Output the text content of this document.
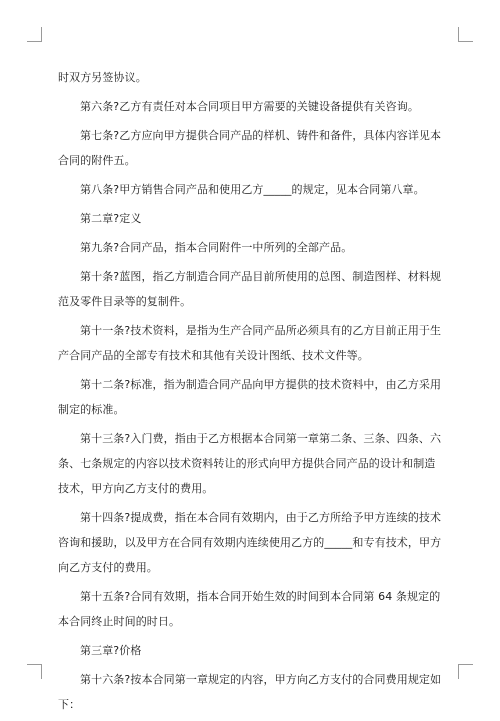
时双方另签协议。

第六条?乙方有责任对本合同项目甲方需要的关键设备提供有关咨询。

第七条?乙方应向甲方提供合同产品的样机、铸件和备件，具体内容详见本合同的附件五。

第八条?甲方销售合同产品和使用乙方_____的规定，见本合同第八章。

第二章?定义

第九条?合同产品，指本合同附件一中所列的全部产品。

第十条?蓝图，指乙方制造合同产品目前所使用的总图、制造图样、材料规范及零件目录等的复制件。

第十一条?技术资料，是指为生产合同产品所必须具有的乙方目前正用于生产合同产品的全部专有技术和其他有关设计图纸、技术文件等。

第十二条?标准，指为制造合同产品向甲方提供的技术资料中，由乙方采用制定的标准。

第十三条?入门费，指由于乙方根据本合同第一章第二条、三条、四条、六条、七条规定的内容以技术资料转让的形式向甲方提供合同产品的设计和制造技术，甲方向乙方支付的费用。

第十四条?提成费，指在本合同有效期内，由于乙方所给予甲方连续的技术咨询和援助，以及甲方在合同有效期内连续使用乙方的_____和专有技术，甲方向乙方支付的费用。

第十五条?合同有效期，指本合同开始生效的时间到本合同第 64 条规定的本合同终止时间的时日。

第三章?价格

第十六条?按本合同第一章规定的内容，甲方向乙方支付的合同费用规定如下：
